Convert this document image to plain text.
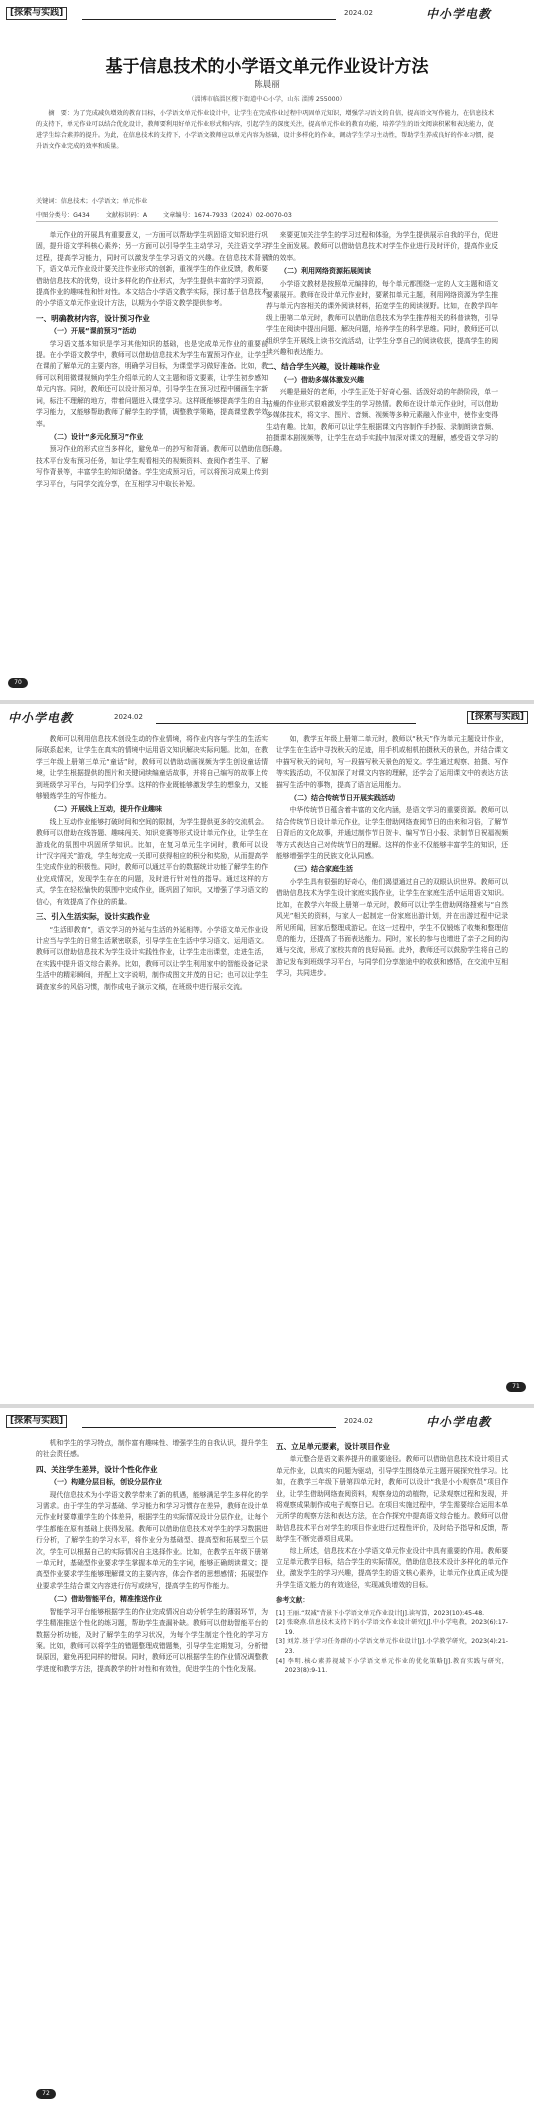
[探索与实践]	2024.02	中小学电教
基于信息技术的小学语文单元作业设计方法
陈晨丽
（淄博市临淄区稷下街道中心小学，山东 淄博 255000）

摘　要：为了完成减负增效的教育目标，小学语文单元作业设计中，让学生在完成作业过程中巩固单元知识，增强学习语文的自信，提高语文写作能力，在信息技术的支持下，单元作业可以结合优化设计，教师要利用好单元作业形式和内容，引起学生的深度关注，提高单元作业的教育功能，培养学生的语文阅读积累和表达能力，促进学生综合素养的提升。为此，在信息技术的支持下，小学语文教师应以单元内容为基础，设计多样化的作业，调动学生学习主动性，帮助学生养成良好的作业习惯，提升语文作业完成的效率和质量。

关键词：信息技术；小学语文；单元作业
中图分类号：G434	文献标识码：A	文章编号：1674-7933（2024）02-0070-03

单元作业的开展具有重要意义，一方面可以帮助学生巩固语文知识进行巩固，提升语文学科核心素养；另一方面可以引导学生主动学习，关注语文学习过程，提高学习能力，同时可以激发学生学习语文的兴趣。在信息技术背景下，语文单元作业设计要关注作业形式的创新，重视学生的作业反馈，教师要借助信息技术的优势，设计多样化的作业形式，为学生提供丰富的学习资源，提高作业的趣味性和针对性。本文结合小学语文教学实际，探讨基于信息技术的小学语文单元作业设计方法，以期为小学语文教学提供参考。

一、明确教材内容，设计预习作业
（一）开展“课前预习”活动

学习语文基本知识是学习其他知识的基础，也是完成单元作业的重要前提。在小学语文教学中，教师可以借助信息技术为学生布置预习作业，让学生在课前了解单元的主要内容，明确学习目标，为课堂学习做好准备。比如，教师可以利用微课视频向学生介绍单元的人文主题和语文要素，让学生初步感知单元内容。同时，教师还可以设计预习单，引导学生在预习过程中圈画生字新词，标注不理解的地方，带着问题进入课堂学习。这样既能够提高学生的自主学习能力，又能够帮助教师了解学生的学情，调整教学策略，提高课堂教学效率。

（二）设计“多元化预习”作业

预习作业的形式应当多样化，避免单一的抄写和背诵。教师可以借助信息技术平台发布预习任务，如让学生观看相关的视频资料、查阅作者生平、了解写作背景等，丰富学生的知识储备。学生完成预习后，可以将预习成果上传到学习平台，与同学交流分享，在互相学习中取长补短。

来要更加关注学生的学习过程和体验，为学生提供展示自我的平台，促进学生全面发展。教师可以借助信息技术对学生作业进行及时评价，提高作业反馈的效率。

（二）利用网络资源拓展阅读

小学语文教材是按照单元编排的，每个单元都围绕一定的人文主题和语文要素展开。教师在设计单元作业时，要紧扣单元主题，利用网络资源为学生推荐与单元内容相关的课外阅读材料，拓宽学生的阅读视野。比如，在教学四年级上册第二单元时，教师可以借助信息技术为学生推荐相关的科普读物，引导学生在阅读中提出问题、解决问题，培养学生的科学思维。同时，教师还可以组织学生开展线上读书交流活动，让学生分享自己的阅读收获，提高学生的阅读兴趣和表达能力。

二、结合学生兴趣，设计趣味作业
（一）借助多媒体激发兴趣

兴趣是最好的老师，小学生正处于好奇心强、活泼好动的年龄阶段，单一枯燥的作业形式很难激发学生的学习热情。教师在设计单元作业时，可以借助多媒体技术，将文字、图片、音频、视频等多种元素融入作业中，使作业变得生动有趣。比如，教师可以让学生根据课文内容制作手抄报、录制朗读音频、拍摄课本剧视频等，让学生在动手实践中加深对课文的理解，感受语文学习的乐趣。

70
中小学电教	2024.02	[探索与实践]

教师可以利用信息技术创设生动的作业情境，将作业内容与学生的生活实际联系起来，让学生在真实的情境中运用语文知识解决实际问题。比如，在教学三年级上册第三单元“童话”时，教师可以借助动画视频为学生创设童话情境，让学生根据提供的图片和关键词续编童话故事，并将自己编写的故事上传到班级学习平台，与同学们分享。这样的作业既能够激发学生的想象力，又能够锻炼学生的写作能力。

（二）开展线上互动，提升作业趣味

线上互动作业能够打破时间和空间的限制，为学生提供更多的交流机会。教师可以借助在线答题、趣味闯关、知识竞赛等形式设计单元作业，让学生在游戏化的氛围中巩固所学知识。比如，在复习单元生字词时，教师可以设计“汉字闯关”游戏，学生每完成一关即可获得相应的积分和奖励，从而提高学生完成作业的积极性。同时，教师可以通过平台的数据统计功能了解学生的作业完成情况，发现学生存在的问题，及时进行针对性的指导。通过这样的方式，学生在轻松愉快的氛围中完成作业，既巩固了知识，又增强了学习语文的信心，有效提高了作业的质量。

三、引入生活实际，设计实践作业

“生活即教育”，语文学习的外延与生活的外延相等。小学语文单元作业设计应当与学生的日常生活紧密联系，引导学生在生活中学习语文、运用语文。教师可以借助信息技术为学生设计实践性作业，让学生走出课堂，走进生活，在实践中提升语文综合素养。比如，教师可以让学生利用家中的智能设备记录生活中的精彩瞬间，并配上文字说明，制作成图文并茂的日记；也可以让学生调查家乡的风俗习惯，制作成电子演示文稿，在班级中进行展示交流。

如，教学五年级上册第二单元时，教师以“秋天”作为单元主题设计作业，让学生在生活中寻找秋天的足迹，用手机或相机拍摄秋天的景色，并结合课文中描写秋天的词句，写一段描写秋天景色的短文。学生通过观察、拍摄、写作等实践活动，不仅加深了对课文内容的理解，还学会了运用课文中的表达方法描写生活中的事物，提高了语言运用能力。

（二）结合传统节日开展实践活动

中华传统节日蕴含着丰富的文化内涵，是语文学习的重要资源。教师可以结合传统节日设计单元作业，让学生借助网络查阅节日的由来和习俗，了解节日背后的文化故事，并通过制作节日贺卡、编写节日小报、录制节日祝福视频等方式表达自己对传统节日的理解。这样的作业不仅能够丰富学生的知识，还能够增强学生的民族文化认同感。

（三）结合家庭生活

小学生具有很强的好奇心，他们渴望通过自己的双眼认识世界。教师可以借助信息技术为学生设计家庭实践作业，让学生在家庭生活中运用语文知识。比如，在教学六年级上册第一单元时，教师可以让学生借助网络搜索与“自然风光”相关的资料，与家人一起制定一份家庭出游计划，并在出游过程中记录所见所闻，回家后整理成游记。在这一过程中，学生不仅锻炼了收集和整理信息的能力，还提高了书面表达能力。同时，家长的参与也增进了亲子之间的沟通与交流，形成了家校共育的良好局面。此外，教师还可以鼓励学生将自己的游记发布到班级学习平台，与同学们分享旅途中的收获和感悟，在交流中互相学习，共同进步。

71
[探索与实践]	2024.02	中小学电教

机和学生的学习特点，制作富有趣味性、增强学生的自我认识，提升学生的社会责任感。

四、关注学生差异，设计个性化作业
（一）构建分层目标，创设分层作业

现代信息技术为小学语文教学带来了新的机遇，能够满足学生多样化的学习需求。由于学生的学习基础、学习能力和学习习惯存在差异，教师在设计单元作业时要尊重学生的个体差异，根据学生的实际情况设计分层作业，让每个学生都能在原有基础上获得发展。教师可以借助信息技术对学生的学习数据进行分析，了解学生的学习水平，将作业分为基础型、提高型和拓展型三个层次，学生可以根据自己的实际情况自主选择作业。比如，在教学五年级下册第一单元时，基础型作业要求学生掌握本单元的生字词，能够正确朗读课文；提高型作业要求学生能够理解课文的主要内容，体会作者的思想感情；拓展型作业要求学生结合课文内容进行仿写或续写，提高学生的写作能力。

（二）借助智能平台，精准推送作业

智能学习平台能够根据学生的作业完成情况自动分析学生的薄弱环节，为学生精准推送个性化的练习题，帮助学生查漏补缺。教师可以借助智能平台的数据分析功能，及时了解学生的学习状况，为每个学生制定个性化的学习方案。比如，教师可以将学生的错题整理成错题集，引导学生定期复习，分析错误原因，避免再犯同样的错误。同时，教师还可以根据学生的作业情况调整教学进度和教学方法，提高教学的针对性和有效性，促进学生的个性化发展。

五、立足单元要素，设计项目作业

单元整合是语文素养提升的重要途径。教师可以借助信息技术设计项目式单元作业，以真实的问题为驱动，引导学生围绕单元主题开展探究性学习。比如，在教学三年级下册第四单元时，教师可以设计“我是小小观察员”项目作业，让学生借助网络查阅资料，观察身边的动植物，记录观察过程和发现，并将观察成果制作成电子观察日记。在项目实施过程中，学生需要综合运用本单元所学的观察方法和表达方法，在合作探究中提高语文综合能力。教师可以借助信息技术平台对学生的项目作业进行过程性评价，及时给予指导和反馈，帮助学生不断完善项目成果。

综上所述，信息技术在小学语文单元作业设计中具有重要的作用。教师要立足单元教学目标，结合学生的实际情况，借助信息技术设计多样化的单元作业，激发学生的学习兴趣，提高学生的语文核心素养，让单元作业真正成为提升学生语文能力的有效途径，实现减负增效的目标。

参考文献：

[1] 王丽.“双减”背景下小学语文单元作业设计[J].读写算，2023(10):45-48.

[2] 张晓燕.信息技术支持下的小学语文作业设计研究[J].中小学电教，2023(6):17-19.

[3] 刘芳.基于学习任务群的小学语文单元作业设计[J].小学教学研究，2023(4):21-23.

[4] 李明.核心素养视域下小学语文单元作业的优化策略[J].教育实践与研究，2023(8):9-11.

72
